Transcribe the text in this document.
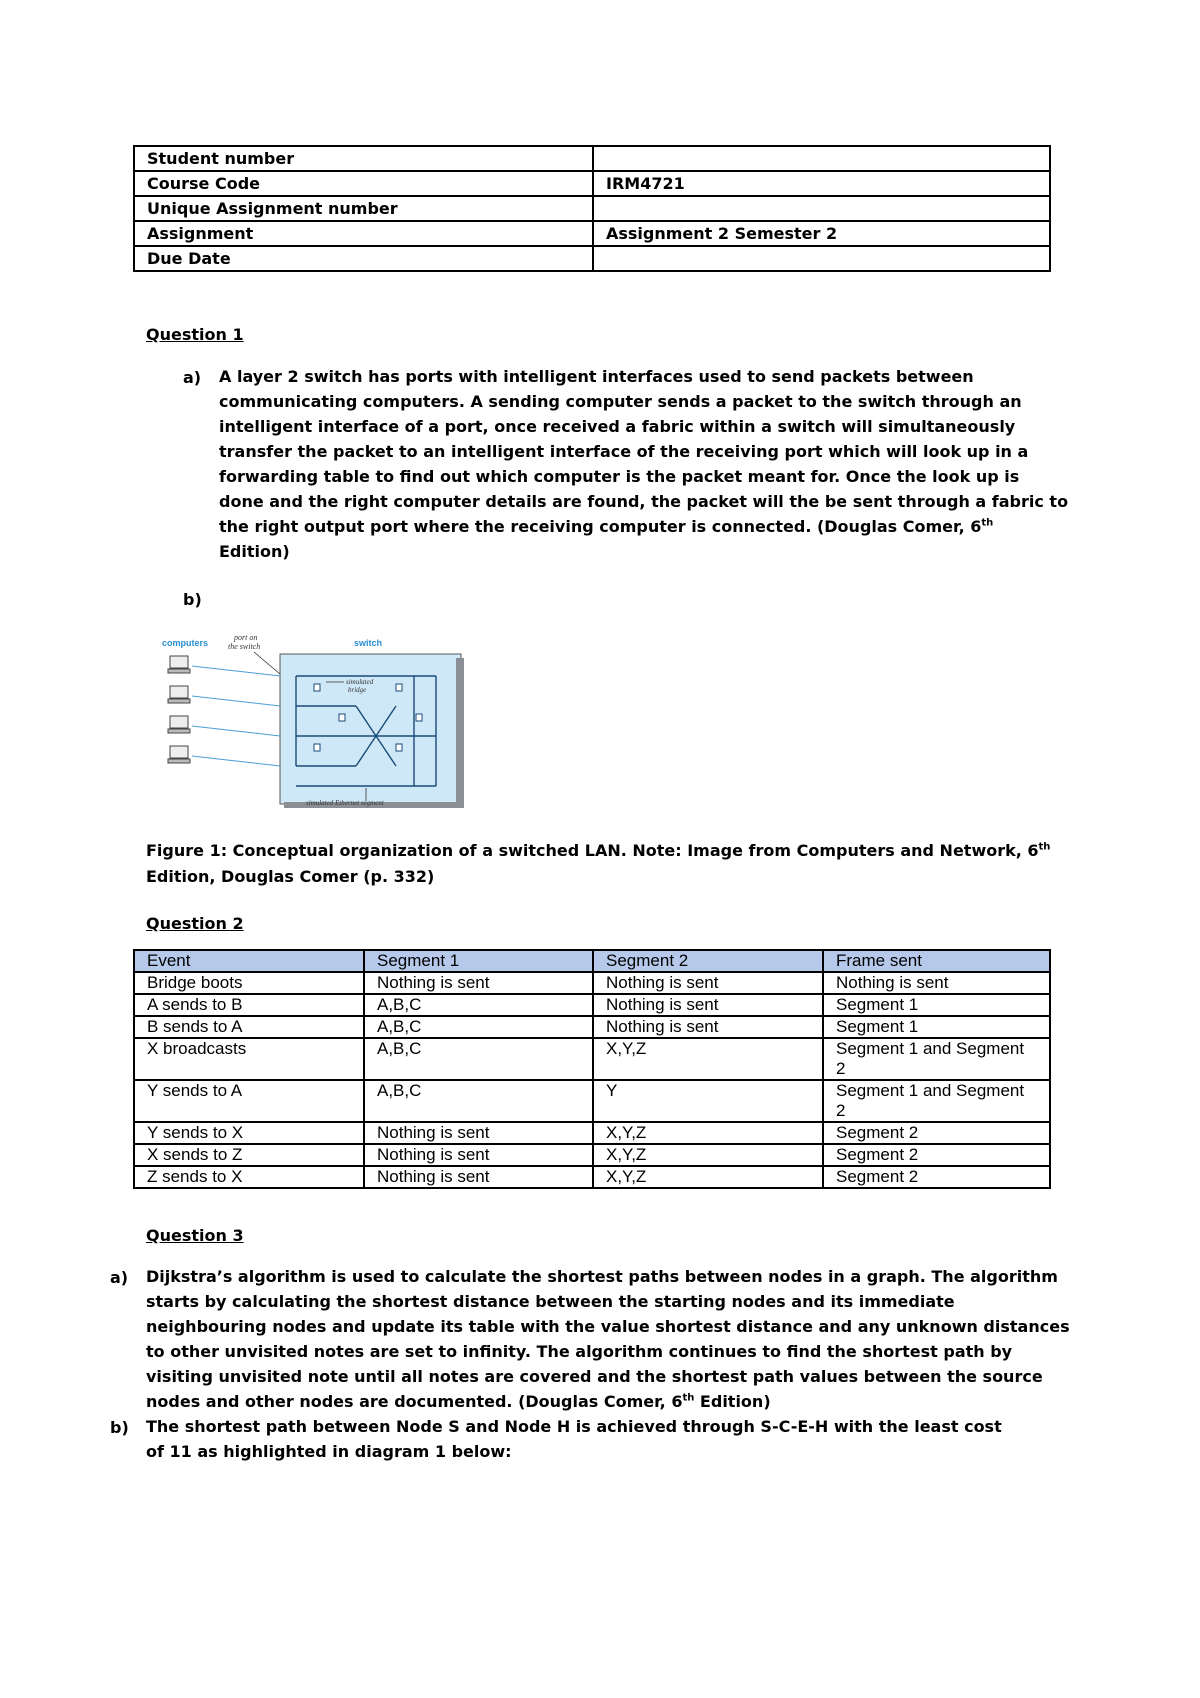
Student number	
Course Code	IRM4721
Unique Assignment number	
Assignment	Assignment 2 Semester 2
Due Date	
Question 1
a) A layer 2 switch has ports with intelligent interfaces used to send packets between communicating computers. A sending computer sends a packet to the switch through an intelligent interface of a port, once received a fabric within a switch will simultaneously transfer the packet to an intelligent interface of the receiving port which will look up in a forwarding table to find out which computer is the packet meant for. Once the look up is done and the right computer details are found, the packet will the be sent through a fabric to the right output port where the receiving computer is connected. (Douglas Comer, 6th Edition)
b)
computers
port on
the switch	switch
simulated
bridge
simulated Ethernet segment
Figure 1: Conceptual organization of a switched LAN. Note: Image from Computers and Network, 6th Edition, Douglas Comer (p. 332)
Question 2
Event	Segment 1	Segment 2	Frame sent
Bridge boots	Nothing is sent	Nothing is sent	Nothing is sent
A sends to B	A,B,C	Nothing is sent	Segment 1
B sends to A	A,B,C	Nothing is sent	Segment 1
X broadcasts	A,B,C	X,Y,Z	Segment 1 and Segment 2
Y sends to A	A,B,C	Y	Segment 1 and Segment 2
Y sends to X	Nothing is sent	X,Y,Z	Segment 2
X sends to Z	Nothing is sent	X,Y,Z	Segment 2
Z sends to X	Nothing is sent	X,Y,Z	Segment 2
Question 3
a) Dijkstra’s algorithm is used to calculate the shortest paths between nodes in a graph. The algorithm starts by calculating the shortest distance between the starting nodes and its immediate neighbouring nodes and update its table with the value shortest distance and any unknown distances to other unvisited notes are set to infinity. The algorithm continues to find the shortest path by visiting unvisited note until all notes are covered and the shortest path values between the source nodes and other nodes are documented. (Douglas Comer, 6th Edition)
b) The shortest path between Node S and Node H is achieved through S-C-E-H with the least cost of 11 as highlighted in diagram 1 below:
